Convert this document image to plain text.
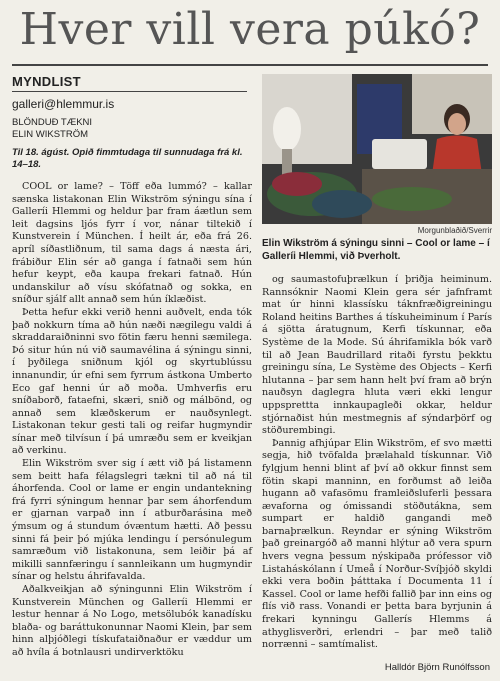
Hver vill vera púkó?
MYNDLIST
galleri@hlemmur.is
BLÖNDUÐ TÆKNI
ELIN WIKSTRÖM
Til 18. ágúst. Opið fimmtudaga til sunnudaga frá kl. 14–18.
Morgunblaðið/Sverrir
Elin Wikström á sýningu sinni – Cool or lame – í Galleríi Hlemmi, við Þverholt.

COOL or lame? – Töff eða lummó? – kallar sænska listakonan Elin Wikström sýningu sína í Galleríi Hlemmi og heldur þar fram áætlun sem leit dagsins ljós fyrr í vor, nánar tiltekið í Kunstverein í München. Í heilt ár, eða frá 26. apríl síðastliðnum, til sama dags á næsta ári, frábiður Elin sér að ganga í fatnaði sem hún hefur keypt, eða kaupa frekari fatnað. Hún undanskilur að vísu skófatnað og sokka, en sníður sjálf allt annað sem hún íklæðist.

Þetta hefur ekki verið henni auðvelt, enda tók það nokkurn tíma að hún næði nægilegu valdi á skraddaraiðninni svo fötin færu henni sæmilega. Þó situr hún nú við saumavélina á sýningu sinni, í þyðilega sniðnum kjól og skyrtublússu innanundir, úr efni sem fyrrum ástkona Umberto Eco gaf henni úr að moða. Umhverfis eru sníðaborð, fataefni, skæri, snið og málbönd, og annað sem klæðskerum er nauðsynlegt. Listakonan tekur gesti tali og reifar hugmyndir sínar með tilvísun í þá umræðu sem er kveikjan að verkinu.

Elin Wikström sver sig í ætt við þá listamenn sem beitt hafa félagslegri tækni til að ná til áhorfenda. Cool or lame er engin undantekning frá fyrri sýningum hennar þar sem áhorfendum er gjarnan varpað inn í atburðarásina með ýmsum og á stundum óvæntum hætti. Að þessu sinni fá þeir þó mjúka lendingu í persónulegum samræðum við listakonuna, sem leiðir þá af mikilli sannfæringu í sannleikann um hugmyndir sínar og helstu áhrifavalda.

Aðalkveikjan að sýningunni Elin Wikström í Kunstverein München og Galleríi Hlemmi er lestur hennar á No Logo, metsölubók kanadísku blaða- og baráttukonunnar Naomi Klein, þar sem hinn alþjóðlegi tískufataiðnaður er væddur um að hvíla á botnlausri undirverktöku

og saumastofuþrælkun í þriðja heiminum. Rannsóknir Naomi Klein gera sér jafnframt mat úr hinni klassísku táknfræðigreiningu Roland heitins Barthes á tískuheiminum í París á sjötta áratugnum, Kerfi tískunnar, eða Système de la Mode. Sú áhrifamikla bók varð til að Jean Baudrillard ritaði fyrstu þekktu greiningu sína, Le Système des Objects – Kerfi hlutanna – þar sem hann helt því fram að brýn nauðsyn daglegra hluta væri ekki lengur uppsprettta innkaupagleði okkar, heldur stjórnaðist hún mestmegnis af sýndarþörf og stöðurembingi.

Þannig afhjúpar Elin Wikström, ef svo mætti segja, hið tvöfalda þrælahald tískunnar. Við fylgjum henni blint af því að okkur finnst sem fötin skapi manninn, en forðumst að leiða hugann að vafasömu framleiðsluferli þessara ævaforna og ómissandi stöðutákna, sem sumpart er haldið gangandi með barnaþrælkun. Reyndar er sýning Wikström það greinargóð að manni hlýtur að vera spurn hvers vegna þessum nýskipaða prófessor við Listaháskólann í Umeå í Norður-Svíþjóð skyldi ekki vera boðin þátttaka í Documenta 11 í Kassel. Cool or lame hefði fallið þar inn eins og flís við rass. Vonandi er þetta bara byrjunin á frekari kynningu Gallerís Hlemms á athyglisverðri, erlendri – þar með talið norrænni – samtímalist.

Halldór Björn Runólfsson
